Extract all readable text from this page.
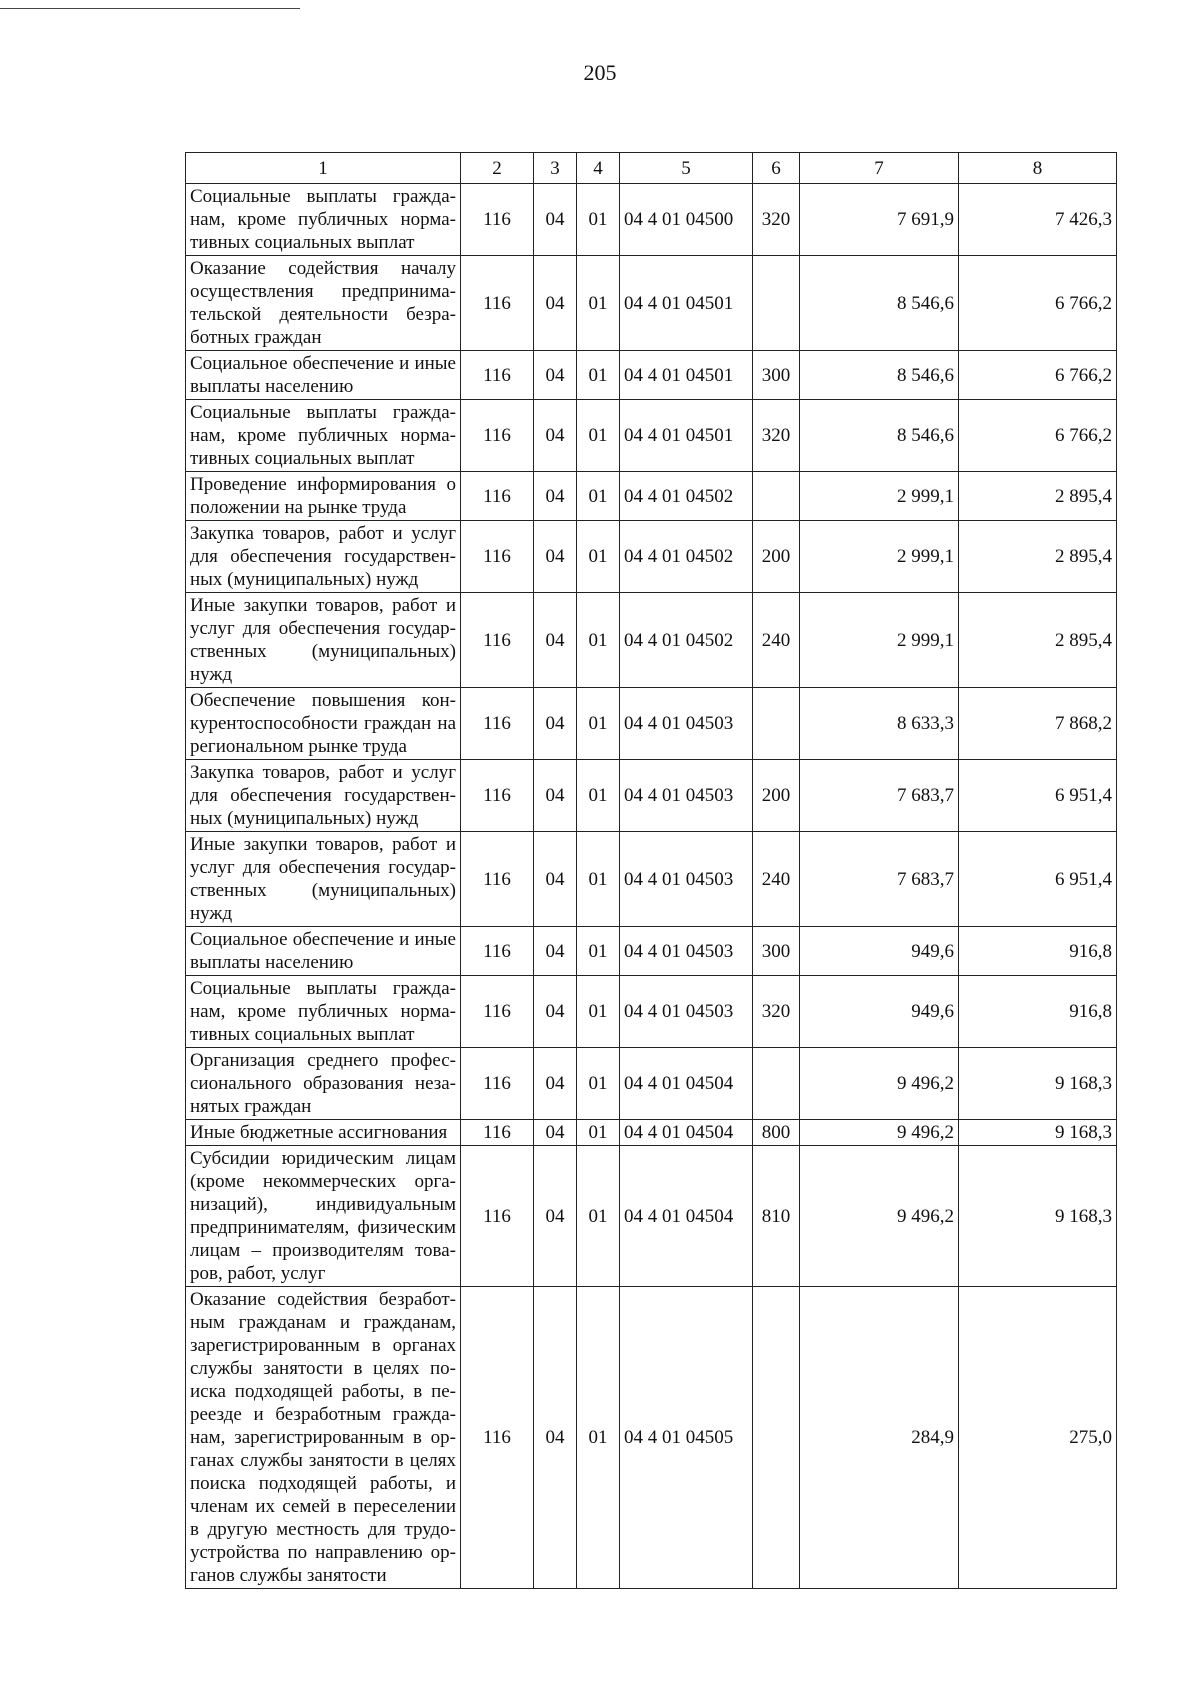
205
1	2	3	4	5	6	7	8
Социальные выплаты гражда-нам, кроме публичных норма-тивных социальных выплат	116	04	01	04 4 01 04500	320	7 691,9	7 426,3
Оказание содействия началу осуществления предпринима-тельской деятельности безра-ботных граждан	116	04	01	04 4 01 04501		8 546,6	6 766,2
Социальное обеспечение и иные выплаты населению	116	04	01	04 4 01 04501	300	8 546,6	6 766,2
Социальные выплаты гражда-нам, кроме публичных норма-тивных социальных выплат	116	04	01	04 4 01 04501	320	8 546,6	6 766,2
Проведение информирования о положении на рынке труда	116	04	01	04 4 01 04502		2 999,1	2 895,4
Закупка товаров, работ и услуг для обеспечения государствен-ных (муниципальных) нужд	116	04	01	04 4 01 04502	200	2 999,1	2 895,4
Иные закупки товаров, работ и услуг для обеспечения государ-ственных (муниципальных) нужд	116	04	01	04 4 01 04502	240	2 999,1	2 895,4
Обеспечение повышения кон-курентоспособности граждан на региональном рынке труда	116	04	01	04 4 01 04503		8 633,3	7 868,2
Закупка товаров, работ и услуг для обеспечения государствен-ных (муниципальных) нужд	116	04	01	04 4 01 04503	200	7 683,7	6 951,4
Иные закупки товаров, работ и услуг для обеспечения государ-ственных (муниципальных) нужд	116	04	01	04 4 01 04503	240	7 683,7	6 951,4
Социальное обеспечение и иные выплаты населению	116	04	01	04 4 01 04503	300	949,6	916,8
Социальные выплаты гражда-нам, кроме публичных норма-тивных социальных выплат	116	04	01	04 4 01 04503	320	949,6	916,8
Организация среднего профес-сионального образования неза-нятых граждан	116	04	01	04 4 01 04504		9 496,2	9 168,3
Иные бюджетные ассигнования	116	04	01	04 4 01 04504	800	9 496,2	9 168,3
Субсидии юридическим лицам (кроме некоммерческих орга-низаций), индивидуальным предпринимателям, физическим лицам – производителям това-ров, работ, услуг	116	04	01	04 4 01 04504	810	9 496,2	9 168,3
Оказание содействия безработ-ным гражданам и гражданам, зарегистрированным в органах службы занятости в целях по-иска подходящей работы, в пе-реезде и безработным гражда-нам, зарегистрированным в ор-ганах службы занятости в целях поиска подходящей работы, и членам их семей в переселении в другую местность для трудо-устройства по направлению ор-ганов службы занятости	116	04	01	04 4 01 04505		284,9	275,0
